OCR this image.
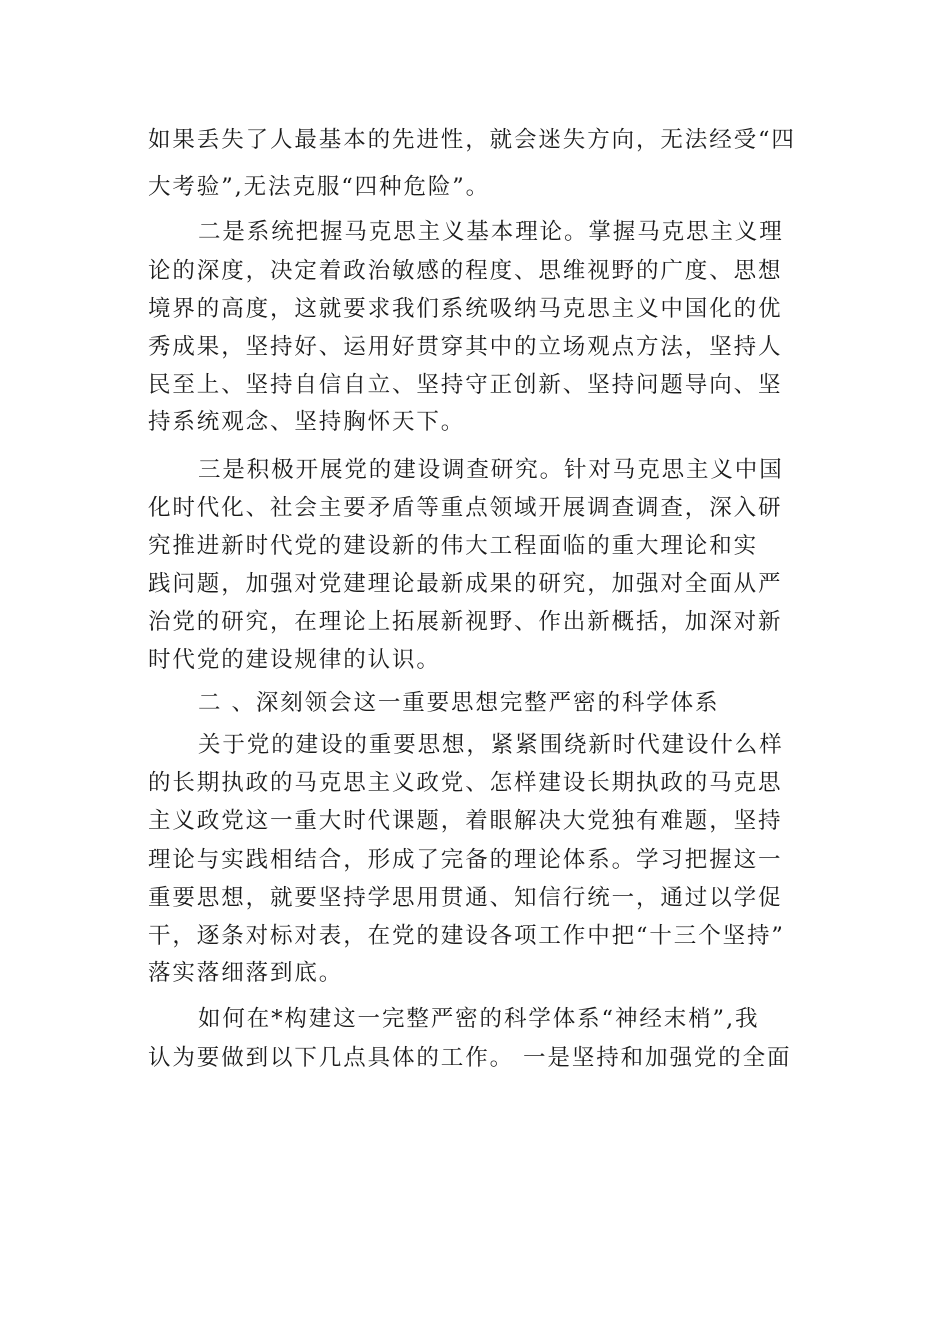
如果丢失了人最基本的先进性，就会迷失方向，无法经受“四
大考验”,无法克服“四种危险”。
二是系统把握马克思主义基本理论。掌握马克思主义理
论的深度，决定着政治敏感的程度、思维视野的广度、思想
境界的高度，这就要求我们系统吸纳马克思主义中国化的优
秀成果，坚持好、运用好贯穿其中的立场观点方法，坚持人
民至上、坚持自信自立、坚持守正创新、坚持问题导向、坚
持系统观念、坚持胸怀天下。
三是积极开展党的建设调查研究。针对马克思主义中国
化时代化、社会主要矛盾等重点领域开展调查调查，深入研
究推进新时代党的建设新的伟大工程面临的重大理论和实
践问题，加强对党建理论最新成果的研究，加强对全面从严
治党的研究，在理论上拓展新视野、作出新概括，加深对新
时代党的建设规律的认识。
二 、深刻领会这一重要思想完整严密的科学体系
关于党的建设的重要思想，紧紧围绕新时代建设什么样
的长期执政的马克思主义政党、怎样建设长期执政的马克思
主义政党这一重大时代课题，着眼解决大党独有难题，坚持
理论与实践相结合，形成了完备的理论体系。学习把握这一
重要思想，就要坚持学思用贯通、知信行统一，通过以学促
干，逐条对标对表，在党的建设各项工作中把“十三个坚持”
落实落细落到底。
如何在*构建这一完整严密的科学体系“神经末梢”,我
认为要做到以下几点具体的工作。 一是坚持和加强党的全面
